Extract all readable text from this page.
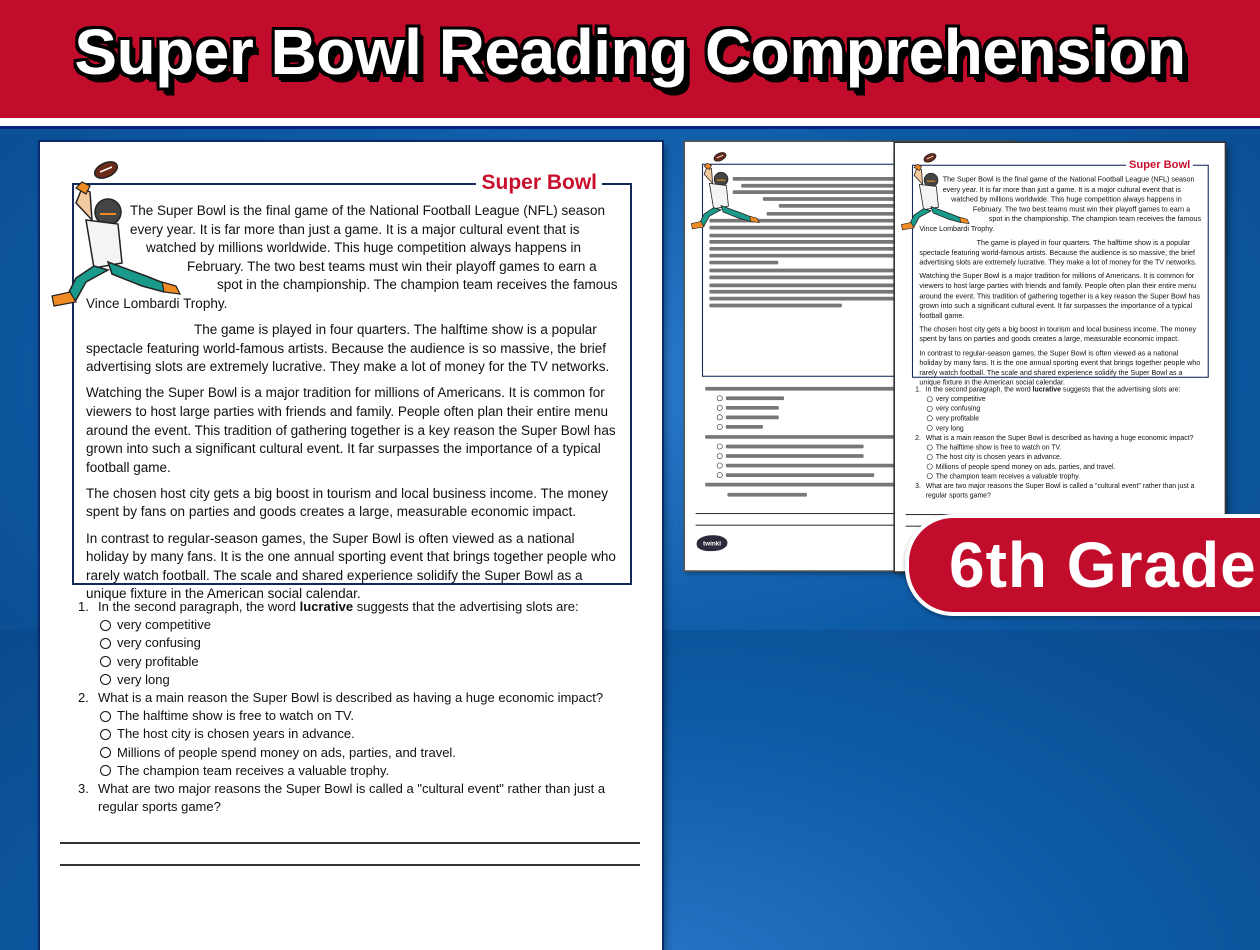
Super Bowl Reading Comprehension
Super Bowl

The Super Bowl is the final game of the National Football League (NFL) season every year. It is far more than just a game. It is a major cultural event that is watched by millions worldwide. This huge competition always happens in February. The two best teams must win their playoff games to earn a spot in the championship. The champion team receives the famous Vince Lombardi Trophy.

The game is played in four quarters. The halftime show is a popular spectacle featuring world-famous artists. Because the audience is so massive, the brief advertising slots are extremely lucrative. They make a lot of money for the TV networks.

Watching the Super Bowl is a major tradition for millions of Americans. It is common for viewers to host large parties with friends and family. People often plan their entire menu around the event. This tradition of gathering together is a key reason the Super Bowl has grown into such a significant cultural event. It far surpasses the importance of a typical football game.

The chosen host city gets a big boost in tourism and local business income. The money spent by fans on parties and goods creates a large, measurable economic impact.

In contrast to regular-season games, the Super Bowl is often viewed as a national holiday by many fans. It is the one annual sporting event that brings together people who rarely watch football. The scale and shared experience solidify the Super Bowl as a unique fixture in the American social calendar.

1. In the second paragraph, the word lucrative suggests that the advertising slots are:
very competitive
very confusing
very profitable
very long
2. What is a main reason the Super Bowl is described as having a huge economic impact?
The halftime show is free to watch on TV.
The host city is chosen years in advance.
Millions of people spend money on ads, parties, and travel.
The champion team receives a valuable trophy.
3. What are two major reasons the Super Bowl is called a "cultural event" rather than just a regular sports game?
twinkl
Super Bowl

The Super Bowl is the final game of the National Football League (NFL) season every year. It is far more than just a game. It is a major cultural event that is watched by millions worldwide. This huge competition always happens in February. The two best teams must win their playoff games to earn a spot in the championship. The champion team receives the famous Vince Lombardi Trophy.

The game is played in four quarters. The halftime show is a popular spectacle featuring world-famous artists. Because the audience is so massive, the brief advertising slots are extremely lucrative. They make a lot of money for the TV networks.

Watching the Super Bowl is a major tradition for millions of Americans. It is common for viewers to host large parties with friends and family. People often plan their entire menu around the event. This tradition of gathering together is a key reason the Super Bowl has grown into such a significant cultural event. It far surpasses the importance of a typical football game.

The chosen host city gets a big boost in tourism and local business income. The money spent by fans on parties and goods creates a large, measurable economic impact.

In contrast to regular-season games, the Super Bowl is often viewed as a national holiday by many fans. It is the one annual sporting event that brings together people who rarely watch football. The scale and shared experience solidify the Super Bowl as a unique fixture in the American social calendar.

1. In the second paragraph, the word lucrative suggests that the advertising slots are:
very competitive
very confusing
very profitable
very long
2. What is a main reason the Super Bowl is described as having a huge economic impact?
The halftime show is free to watch on TV.
The host city is chosen years in advance.
Millions of people spend money on ads, parties, and travel.
The champion team receives a valuable trophy.
3. What are two major reasons the Super Bowl is called a "cultural event" rather than just a regular sports game?
6th Grade
